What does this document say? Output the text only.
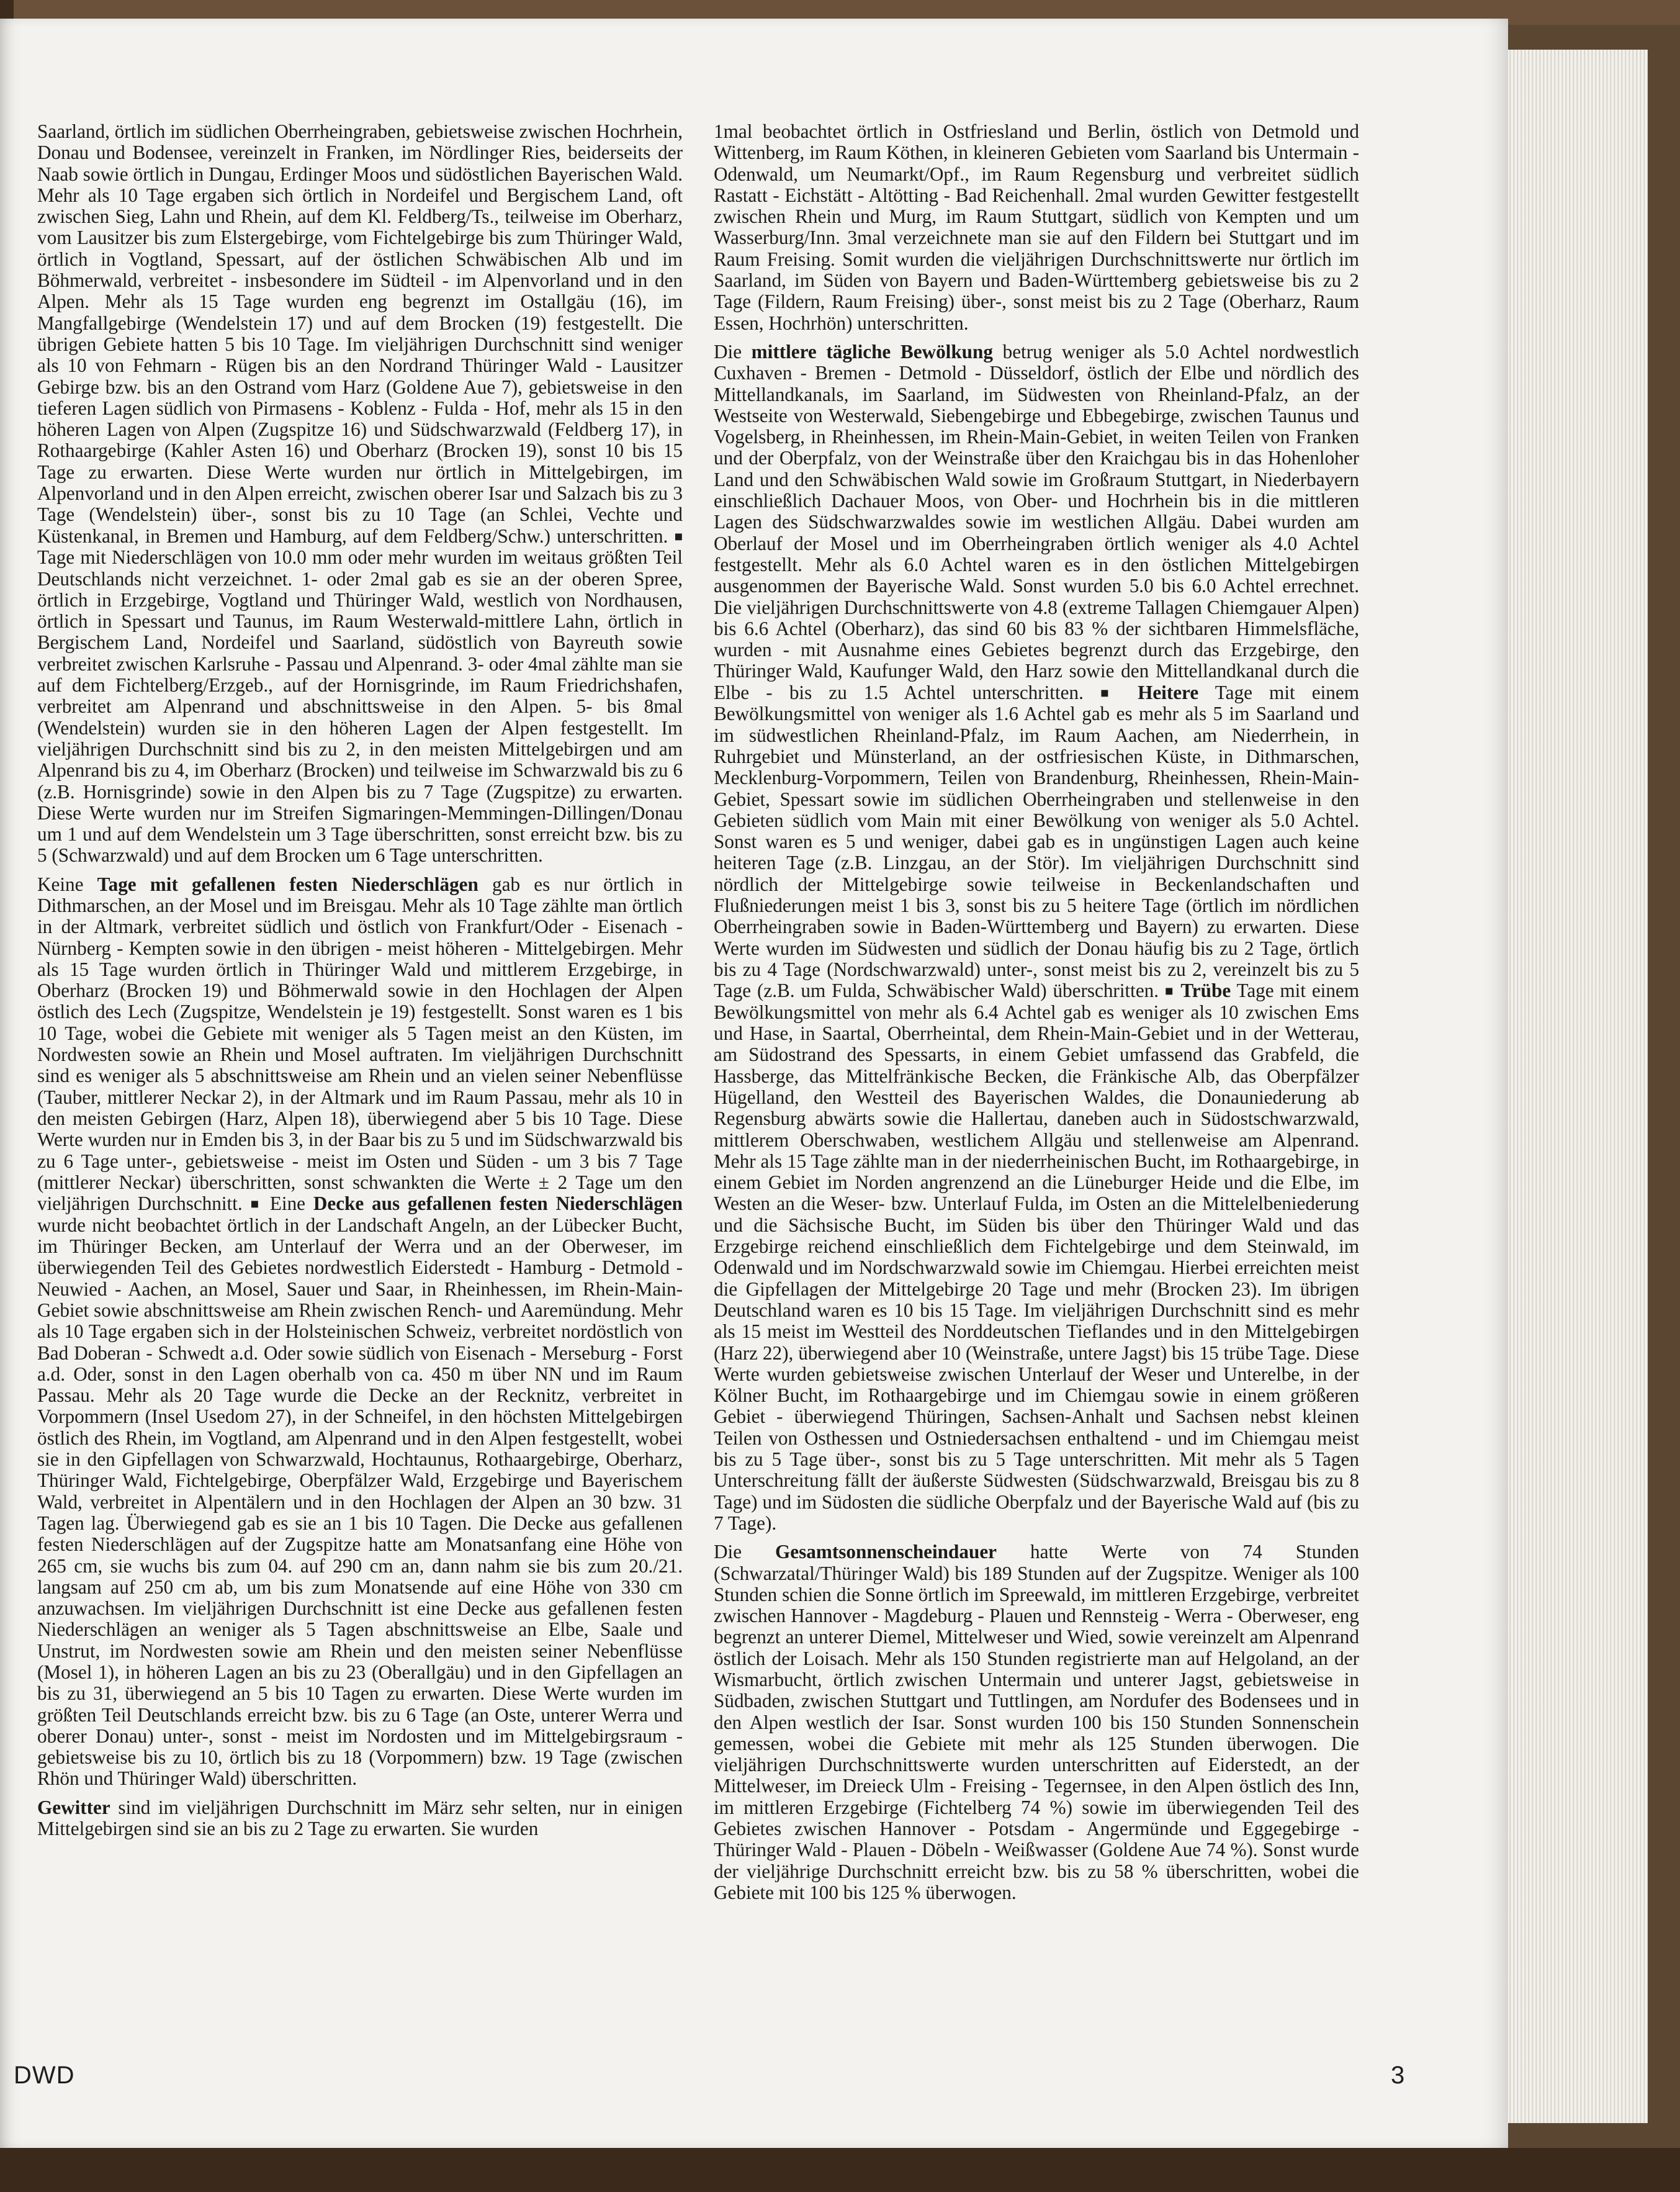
Saarland, örtlich im südlichen Oberrheingraben, gebietsweise zwischen Hochrhein, Donau und Bodensee, vereinzelt in Franken, im Nördlinger Ries, beiderseits der Naab sowie örtlich in Dungau, Erdinger Moos und südöstlichen Bayerischen Wald. Mehr als 10 Tage ergaben sich örtlich in Nordeifel und Bergischem Land, oft zwischen Sieg, Lahn und Rhein, auf dem Kl. Feldberg/Ts., teilweise im Oberharz, vom Lausitzer bis zum Elstergebirge, vom Fichtelgebirge bis zum Thüringer Wald, örtlich in Vogtland, Spessart, auf der östlichen Schwäbischen Alb und im Böhmerwald, verbreitet - insbesondere im Südteil - im Alpenvorland und in den Alpen. Mehr als 15 Tage wurden eng begrenzt im Ostallgäu (16), im Mangfallgebirge (Wendelstein 17) und auf dem Brocken (19) festgestellt. Die übrigen Gebiete hatten 5 bis 10 Tage. Im vieljährigen Durchschnitt sind weniger als 10 von Fehmarn - Rügen bis an den Nordrand Thüringer Wald - Lausitzer Gebirge bzw. bis an den Ostrand vom Harz (Goldene Aue 7), gebietsweise in den tieferen Lagen südlich von Pirmasens - Koblenz - Fulda - Hof, mehr als 15 in den höheren Lagen von Alpen (Zugspitze 16) und Südschwarzwald (Feldberg 17), in Rothaargebirge (Kahler Asten 16) und Oberharz (Brocken 19), sonst 10 bis 15 Tage zu erwarten. Diese Werte wurden nur örtlich in Mittelgebirgen, im Alpenvorland und in den Alpen erreicht, zwischen oberer Isar und Salzach bis zu 3 Tage (Wendelstein) über-, sonst bis zu 10 Tage (an Schlei, Vechte und Küstenkanal, in Bremen und Hamburg, auf dem Feldberg/Schw.) unterschritten. ■ Tage mit Niederschlägen von 10.0 mm oder mehr wurden im weitaus größten Teil Deutschlands nicht verzeichnet. 1- oder 2mal gab es sie an der oberen Spree, örtlich in Erzgebirge, Vogtland und Thüringer Wald, westlich von Nordhausen, örtlich in Spessart und Taunus, im Raum Westerwald-mittlere Lahn, örtlich in Bergischem Land, Nordeifel und Saarland, südöstlich von Bayreuth sowie verbreitet zwischen Karlsruhe - Passau und Alpenrand. 3- oder 4mal zählte man sie auf dem Fichtelberg/Erzgeb., auf der Hornisgrinde, im Raum Friedrichshafen, verbreitet am Alpenrand und abschnittsweise in den Alpen. 5- bis 8mal (Wendelstein) wurden sie in den höheren Lagen der Alpen festgestellt. Im vieljährigen Durchschnitt sind bis zu 2, in den meisten Mittelgebirgen und am Alpenrand bis zu 4, im Oberharz (Brocken) und teilweise im Schwarzwald bis zu 6 (z.B. Hornisgrinde) sowie in den Alpen bis zu 7 Tage (Zugspitze) zu erwarten. Diese Werte wurden nur im Streifen Sigmaringen-Memmingen-Dillingen/Donau um 1 und auf dem Wendelstein um 3 Tage überschritten, sonst erreicht bzw. bis zu 5 (Schwarzwald) und auf dem Brocken um 6 Tage unterschritten.

Keine Tage mit gefallenen festen Niederschlägen gab es nur örtlich in Dithmarschen, an der Mosel und im Breisgau. Mehr als 10 Tage zählte man örtlich in der Altmark, verbreitet südlich und östlich von Frankfurt/Oder - Eisenach - Nürnberg - Kempten sowie in den übrigen - meist höheren - Mittelgebirgen. Mehr als 15 Tage wurden örtlich in Thüringer Wald und mittlerem Erzgebirge, in Oberharz (Brocken 19) und Böhmerwald sowie in den Hochlagen der Alpen östlich des Lech (Zugspitze, Wendelstein je 19) festgestellt. Sonst waren es 1 bis 10 Tage, wobei die Gebiete mit weniger als 5 Tagen meist an den Küsten, im Nordwesten sowie an Rhein und Mosel auftraten. Im vieljährigen Durchschnitt sind es weniger als 5 abschnittsweise am Rhein und an vielen seiner Nebenflüsse (Tauber, mittlerer Neckar 2), in der Altmark und im Raum Passau, mehr als 10 in den meisten Gebirgen (Harz, Alpen 18), überwiegend aber 5 bis 10 Tage. Diese Werte wurden nur in Emden bis 3, in der Baar bis zu 5 und im Südschwarzwald bis zu 6 Tage unter-, gebietsweise - meist im Osten und Süden - um 3 bis 7 Tage (mittlerer Neckar) überschritten, sonst schwankten die Werte ± 2 Tage um den vieljährigen Durchschnitt. ■ Eine Decke aus gefallenen festen Niederschlägen wurde nicht beobachtet örtlich in der Landschaft Angeln, an der Lübecker Bucht, im Thüringer Becken, am Unterlauf der Werra und an der Oberweser, im überwiegenden Teil des Gebietes nordwestlich Eiderstedt - Hamburg - Detmold - Neuwied - Aachen, an Mosel, Sauer und Saar, in Rheinhessen, im Rhein-Main-Gebiet sowie abschnittsweise am Rhein zwischen Rench- und Aaremündung. Mehr als 10 Tage ergaben sich in der Holsteinischen Schweiz, verbreitet nordöstlich von Bad Doberan - Schwedt a.d. Oder sowie südlich von Eisenach - Merseburg - Forst a.d. Oder, sonst in den Lagen oberhalb von ca. 450 m über NN und im Raum Passau. Mehr als 20 Tage wurde die Decke an der Recknitz, verbreitet in Vorpommern (Insel Usedom 27), in der Schneifel, in den höchsten Mittelgebirgen östlich des Rhein, im Vogtland, am Alpenrand und in den Alpen festgestellt, wobei sie in den Gipfellagen von Schwarzwald, Hochtaunus, Rothaargebirge, Oberharz, Thüringer Wald, Fichtelgebirge, Oberpfälzer Wald, Erzgebirge und Bayerischem Wald, verbreitet in Alpentälern und in den Hochlagen der Alpen an 30 bzw. 31 Tagen lag. Überwiegend gab es sie an 1 bis 10 Tagen. Die Decke aus gefallenen festen Niederschlägen auf der Zugspitze hatte am Monatsanfang eine Höhe von 265 cm, sie wuchs bis zum 04. auf 290 cm an, dann nahm sie bis zum 20./21. langsam auf 250 cm ab, um bis zum Monatsende auf eine Höhe von 330 cm anzuwachsen. Im vieljährigen Durchschnitt ist eine Decke aus gefallenen festen Niederschlägen an weniger als 5 Tagen abschnittsweise an Elbe, Saale und Unstrut, im Nordwesten sowie am Rhein und den meisten seiner Nebenflüsse (Mosel 1), in höheren Lagen an bis zu 23 (Oberallgäu) und in den Gipfellagen an bis zu 31, überwiegend an 5 bis 10 Tagen zu erwarten. Diese Werte wurden im größten Teil Deutschlands erreicht bzw. bis zu 6 Tage (an Oste, unterer Werra und oberer Donau) unter-, sonst - meist im Nordosten und im Mittelgebirgsraum - gebietsweise bis zu 10, örtlich bis zu 18 (Vorpommern) bzw. 19 Tage (zwischen Rhön und Thüringer Wald) überschritten.

Gewitter sind im vieljährigen Durchschnitt im März sehr selten, nur in einigen Mittelgebirgen sind sie an bis zu 2 Tage zu erwarten. Sie wurden

1mal beobachtet örtlich in Ostfriesland und Berlin, östlich von Detmold und Wittenberg, im Raum Köthen, in kleineren Gebieten vom Saarland bis Untermain - Odenwald, um Neumarkt/Opf., im Raum Regensburg und verbreitet südlich Rastatt - Eichstätt - Altötting - Bad Reichenhall. 2mal wurden Gewitter festgestellt zwischen Rhein und Murg, im Raum Stuttgart, südlich von Kempten und um Wasserburg/Inn. 3mal verzeichnete man sie auf den Fildern bei Stuttgart und im Raum Freising. Somit wurden die vieljährigen Durchschnittswerte nur örtlich im Saarland, im Süden von Bayern und Baden-Württemberg gebietsweise bis zu 2 Tage (Fildern, Raum Freising) über-, sonst meist bis zu 2 Tage (Oberharz, Raum Essen, Hochrhön) unterschritten.

Die mittlere tägliche Bewölkung betrug weniger als 5.0 Achtel nordwestlich Cuxhaven - Bremen - Detmold - Düsseldorf, östlich der Elbe und nördlich des Mittellandkanals, im Saarland, im Südwesten von Rheinland-Pfalz, an der Westseite von Westerwald, Siebengebirge und Ebbegebirge, zwischen Taunus und Vogelsberg, in Rheinhessen, im Rhein-Main-Gebiet, in weiten Teilen von Franken und der Oberpfalz, von der Weinstraße über den Kraichgau bis in das Hohenloher Land und den Schwäbischen Wald sowie im Großraum Stuttgart, in Niederbayern einschließlich Dachauer Moos, von Ober- und Hochrhein bis in die mittleren Lagen des Südschwarzwaldes sowie im westlichen Allgäu. Dabei wurden am Oberlauf der Mosel und im Oberrheingraben örtlich weniger als 4.0 Achtel festgestellt. Mehr als 6.0 Achtel waren es in den östlichen Mittelgebirgen ausgenommen der Bayerische Wald. Sonst wurden 5.0 bis 6.0 Achtel errechnet. Die vieljährigen Durchschnittswerte von 4.8 (extreme Tallagen Chiemgauer Alpen) bis 6.6 Achtel (Oberharz), das sind 60 bis 83 % der sichtbaren Himmelsfläche, wurden - mit Ausnahme eines Gebietes begrenzt durch das Erzgebirge, den Thüringer Wald, Kaufunger Wald, den Harz sowie den Mittellandkanal durch die Elbe - bis zu 1.5 Achtel unterschritten. ■ Heitere Tage mit einem Bewölkungsmittel von weniger als 1.6 Achtel gab es mehr als 5 im Saarland und im südwestlichen Rheinland-Pfalz, im Raum Aachen, am Niederrhein, in Ruhrgebiet und Münsterland, an der ostfriesischen Küste, in Dithmarschen, Mecklenburg-Vorpommern, Teilen von Brandenburg, Rheinhessen, Rhein-Main-Gebiet, Spessart sowie im südlichen Oberrheingraben und stellenweise in den Gebieten südlich vom Main mit einer Bewölkung von weniger als 5.0 Achtel. Sonst waren es 5 und weniger, dabei gab es in ungünstigen Lagen auch keine heiteren Tage (z.B. Linzgau, an der Stör). Im vieljährigen Durchschnitt sind nördlich der Mittelgebirge sowie teilweise in Beckenlandschaften und Flußniederungen meist 1 bis 3, sonst bis zu 5 heitere Tage (örtlich im nördlichen Oberrheingraben sowie in Baden-Württemberg und Bayern) zu erwarten. Diese Werte wurden im Südwesten und südlich der Donau häufig bis zu 2 Tage, örtlich bis zu 4 Tage (Nordschwarzwald) unter-, sonst meist bis zu 2, vereinzelt bis zu 5 Tage (z.B. um Fulda, Schwäbischer Wald) überschritten. ■ Trübe Tage mit einem Bewölkungsmittel von mehr als 6.4 Achtel gab es weniger als 10 zwischen Ems und Hase, in Saartal, Oberrheintal, dem Rhein-Main-Gebiet und in der Wetterau, am Südostrand des Spessarts, in einem Gebiet umfassend das Grabfeld, die Hassberge, das Mittelfränkische Becken, die Fränkische Alb, das Oberpfälzer Hügelland, den Westteil des Bayerischen Waldes, die Donauniederung ab Regensburg abwärts sowie die Hallertau, daneben auch in Südostschwarzwald, mittlerem Oberschwaben, westlichem Allgäu und stellenweise am Alpenrand. Mehr als 15 Tage zählte man in der niederrheinischen Bucht, im Rothaargebirge, in einem Gebiet im Norden angrenzend an die Lüneburger Heide und die Elbe, im Westen an die Weser- bzw. Unterlauf Fulda, im Osten an die Mittelelbeniederung und die Sächsische Bucht, im Süden bis über den Thüringer Wald und das Erzgebirge reichend einschließlich dem Fichtelgebirge und dem Steinwald, im Odenwald und im Nordschwarzwald sowie im Chiemgau. Hierbei erreichten meist die Gipfellagen der Mittelgebirge 20 Tage und mehr (Brocken 23). Im übrigen Deutschland waren es 10 bis 15 Tage. Im vieljährigen Durchschnitt sind es mehr als 15 meist im Westteil des Norddeutschen Tieflandes und in den Mittelgebirgen (Harz 22), überwiegend aber 10 (Weinstraße, untere Jagst) bis 15 trübe Tage. Diese Werte wurden gebietsweise zwischen Unterlauf der Weser und Unterelbe, in der Kölner Bucht, im Rothaargebirge und im Chiemgau sowie in einem größeren Gebiet - überwiegend Thüringen, Sachsen-Anhalt und Sachsen nebst kleinen Teilen von Osthessen und Ostniedersachsen enthaltend - und im Chiemgau meist bis zu 5 Tage über-, sonst bis zu 5 Tage unterschritten. Mit mehr als 5 Tagen Unterschreitung fällt der äußerste Südwesten (Südschwarzwald, Breisgau bis zu 8 Tage) und im Südosten die südliche Oberpfalz und der Bayerische Wald auf (bis zu 7 Tage).

Die Gesamtsonnenscheindauer hatte Werte von 74 Stunden (Schwarzatal/Thüringer Wald) bis 189 Stunden auf der Zugspitze. Weniger als 100 Stunden schien die Sonne örtlich im Spreewald, im mittleren Erzgebirge, verbreitet zwischen Hannover - Magdeburg - Plauen und Rennsteig - Werra - Oberweser, eng begrenzt an unterer Diemel, Mittelweser und Wied, sowie vereinzelt am Alpenrand östlich der Loisach. Mehr als 150 Stunden registrierte man auf Helgoland, an der Wismarbucht, örtlich zwischen Untermain und unterer Jagst, gebietsweise in Südbaden, zwischen Stuttgart und Tuttlingen, am Nordufer des Bodensees und in den Alpen westlich der Isar. Sonst wurden 100 bis 150 Stunden Sonnenschein gemessen, wobei die Gebiete mit mehr als 125 Stunden überwogen. Die vieljährigen Durchschnittswerte wurden unterschritten auf Eiderstedt, an der Mittelweser, im Dreieck Ulm - Freising - Tegernsee, in den Alpen östlich des Inn, im mittleren Erzgebirge (Fichtelberg 74 %) sowie im überwiegenden Teil des Gebietes zwischen Hannover - Potsdam - Angermünde und Eggegebirge - Thüringer Wald - Plauen - Döbeln - Weißwasser (Goldene Aue 74 %). Sonst wurde der vieljährige Durchschnitt erreicht bzw. bis zu 58 % überschritten, wobei die Gebiete mit 100 bis 125 % überwogen.

DWD	3
